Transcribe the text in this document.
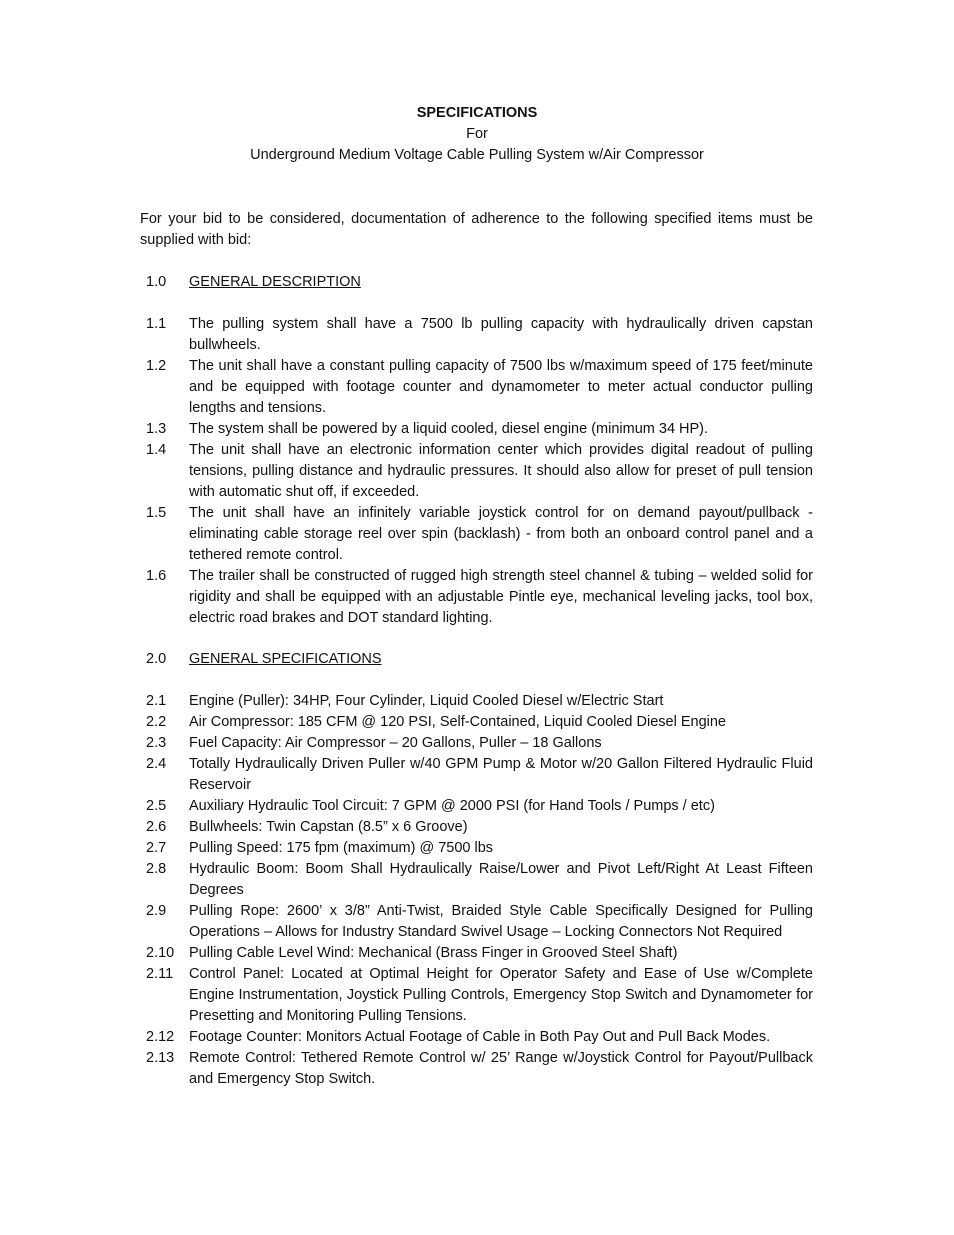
SPECIFICATIONS
For
Underground Medium Voltage Cable Pulling System w/Air Compressor
For your bid to be considered, documentation of adherence to the following specified items must be supplied with bid:
1.0	GENERAL DESCRIPTION
1.1	The pulling system shall have a 7500 lb pulling capacity with hydraulically driven capstan bullwheels.
1.2	The unit shall have a constant pulling capacity of 7500 lbs w/maximum speed of 175 feet/minute and be equipped with footage counter and dynamometer to meter actual conductor pulling lengths and tensions.
1.3	The system shall be powered by a liquid cooled, diesel engine (minimum 34 HP).
1.4	The unit shall have an electronic information center which provides digital readout of pulling tensions, pulling distance and hydraulic pressures. It should also allow for preset of pull tension with automatic shut off, if exceeded.
1.5	The unit shall have an infinitely variable joystick control for on demand payout/pullback - eliminating cable storage reel over spin (backlash) - from both an onboard control panel and a tethered remote control.
1.6	The trailer shall be constructed of rugged high strength steel channel & tubing – welded solid for rigidity and shall be equipped with an adjustable Pintle eye, mechanical leveling jacks, tool box, electric road brakes and DOT standard lighting.
2.0	GENERAL SPECIFICATIONS
2.1	Engine (Puller): 34HP, Four Cylinder, Liquid Cooled Diesel w/Electric Start
2.2	Air Compressor: 185 CFM @ 120 PSI, Self-Contained, Liquid Cooled Diesel Engine
2.3	Fuel Capacity: Air Compressor – 20 Gallons, Puller – 18 Gallons
2.4	Totally Hydraulically Driven Puller w/40 GPM Pump & Motor w/20 Gallon Filtered Hydraulic Fluid Reservoir
2.5	Auxiliary Hydraulic Tool Circuit: 7 GPM @ 2000 PSI (for Hand Tools / Pumps / etc)
2.6	Bullwheels: Twin Capstan (8.5” x 6 Groove)
2.7	Pulling Speed: 175 fpm (maximum) @ 7500 lbs
2.8	Hydraulic Boom: Boom Shall Hydraulically Raise/Lower and Pivot Left/Right At Least Fifteen Degrees
2.9	Pulling Rope: 2600’ x 3/8” Anti-Twist, Braided Style Cable Specifically Designed for Pulling Operations – Allows for Industry Standard Swivel Usage – Locking Connectors Not Required
2.10	Pulling Cable Level Wind: Mechanical (Brass Finger in Grooved Steel Shaft)
2.11	Control Panel: Located at Optimal Height for Operator Safety and Ease of Use w/Complete Engine Instrumentation, Joystick Pulling Controls, Emergency Stop Switch and Dynamometer for Presetting and Monitoring Pulling Tensions.
2.12	Footage Counter: Monitors Actual Footage of Cable in Both Pay Out and Pull Back Modes.
2.13	Remote Control: Tethered Remote Control w/ 25’ Range w/Joystick Control for Payout/Pullback and Emergency Stop Switch.
